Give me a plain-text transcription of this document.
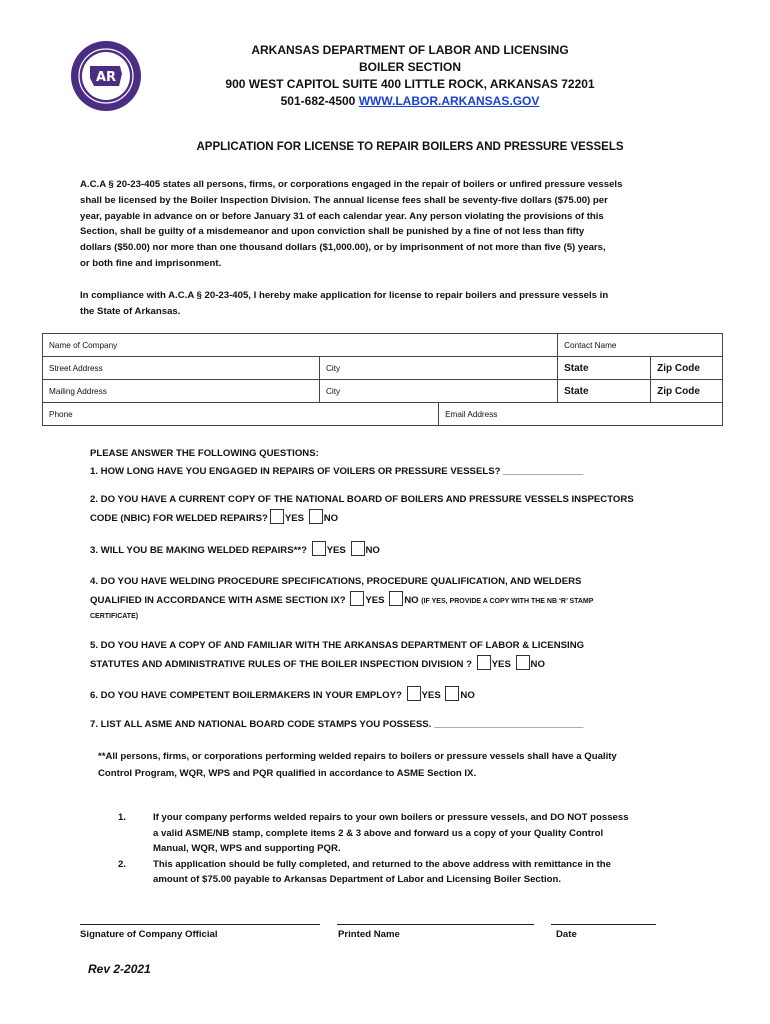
AR
ARKANSAS DEPARTMENT OF LABOR AND LICENSING
BOILER SECTION
900 WEST CAPITOL SUITE 400 LITTLE ROCK, ARKANSAS 72201
501-682-4500 WWW.LABOR.ARKANSAS.GOV
APPLICATION FOR LICENSE TO REPAIR BOILERS AND PRESSURE VESSELS

A.C.A § 20-23-405 states all persons, firms, or corporations engaged in the repair of boilers or unfired pressure vessels

shall be licensed by the Boiler Inspection Division. The annual license fees shall be seventy-five dollars ($75.00) per

year, payable in advance on or before January 31 of each calendar year. Any person violating the provisions of this

Section, shall be guilty of a misdemeanor and upon conviction shall be punished by a fine of not less than fifty

dollars ($50.00) nor more than one thousand dollars ($1,000.00), or by imprisonment of not more than five (5) years,

or both fine and imprisonment.

In compliance with A.C.A § 20-23-405, I hereby make application for license to repair boilers and pressure vessels in

the State of Arkansas.

Name of Company			Contact Name	
Street Address	City		State	Zip Code
Mailing Address	City		State	Zip Code
Phone		Email Address		

PLEASE ANSWER THE FOLLOWING QUESTIONS:

1. HOW LONG HAVE YOU ENGAGED IN REPAIRS OF VOILERS OR PRESSURE VESSELS? _______________

2. DO YOU HAVE A CURRENT COPY OF THE NATIONAL BOARD OF BOILERS AND PRESSURE VESSELS INSPECTORS

CODE (NBIC) FOR WELDED REPAIRS? YES NO

3. WILL YOU BE MAKING WELDED REPAIRS**? YES NO

4. DO YOU HAVE WELDING PROCEDURE SPECIFICATIONS, PROCEDURE QUALIFICATION, AND WELDERS

QUALIFIED IN ACCORDANCE WITH ASME SECTION IX? YES NO (IF YES, PROVIDE A COPY WITH THE NB ‘R’ STAMP

CERTIFICATE)

5. DO YOU HAVE A COPY OF AND FAMILIAR WITH THE ARKANSAS DEPARTMENT OF LABOR & LICENSING

STATUTES AND ADMINISTRATIVE RULES OF THE BOILER INSPECTION DIVISION ? YES NO

6. DO YOU HAVE COMPETENT BOILERMAKERS IN YOUR EMPLOY? YES NO

7. LIST ALL ASME AND NATIONAL BOARD CODE STAMPS YOU POSSESS. ____________________________

**All persons, firms, or corporations performing welded repairs to boilers or pressure vessels shall have a Quality

Control Program, WQR, WPS and PQR qualified in accordance to ASME Section IX.

1.	If your company performs welded repairs to your own boilers or pressure vessels, and DO NOT possess
a valid ASME/NB stamp, complete items 2 & 3 above and forward us a copy of your Quality Control
Manual, WQR, WPS and supporting PQR.
2.	This application should be fully completed, and returned to the above address with remittance in the
amount of $75.00 payable to Arkansas Department of Labor and Licensing Boiler Section.
Signature of Company Official	Printed Name	Date
Rev 2-2021
